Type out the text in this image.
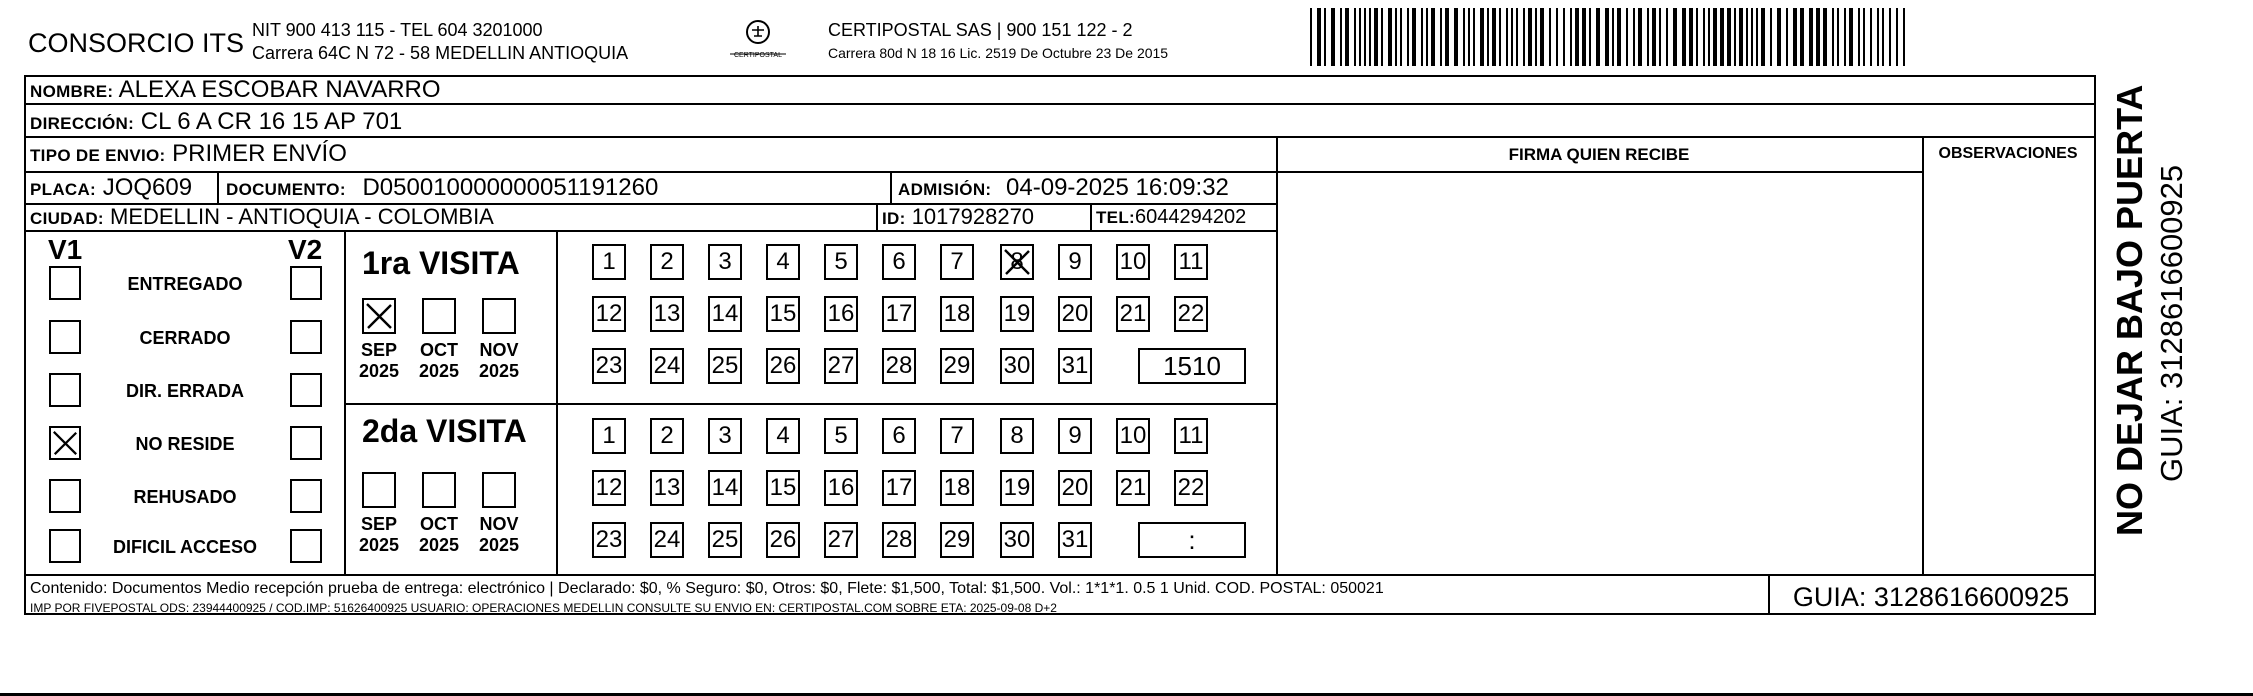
CONSORCIO ITS NIT 900 413 115 - TEL 604 3201000
Carrera 64C N 72 - 58 MEDELLIN ANTIOQUIA	CERTIPOSTAL
CERTIPOSTAL SAS | 900 151 122 - 2
Carrera 80d N 18 16 Lic. 2519 De Octubre 23 De 2015
NOMBRE: ALEXA ESCOBAR NAVARRO
DIRECCIÓN: CL 6 A CR 16 15 AP 701
TIPO DE ENVIO: PRIMER ENVÍO
PLACA: JOQ609 DOCUMENTO: D050010000000051191260	ADMISIÓN: 04-09-2025 16:09:32
CIUDAD: MEDELLIN - ANTIOQUIA - COLOMBIA	ID: 1017928270	TEL:6044294202
FIRMA QUIEN RECIBE	OBSERVACIONES
V1	V2
ENTREGADO
CERRADO
DIR. ERRADA
NO RESIDE
REHUSADO
DIFICIL ACCESO
1ra VISITA
2da VISITA
SEP
2025
OCT
2025
NOV
2025
1	2	3	4	5	6	7	8	9	10 11
12 13 14 15 16 17 18 19 20 21 22
23 24 25 26 27 28 29 30 31	1510
SEP
2025
OCT
2025
NOV
2025
1	2	3	4	5	6	7	8	9	10 11
12 13 14 15 16 17 18 19 20 21 22
23 24 25 26 27 28 29 30 31	:
Contenido: Documentos Medio recepción prueba de entrega: electrónico | Declarado: $0, % Seguro: $0, Otros: $0, Flete: $1,500, Total: $1,500. Vol.: 1*1*1. 0.5 1 Unid. COD. POSTAL: 050021
IMP POR FIVEPOSTAL ODS: 23944400925 / COD.IMP: 51626400925 USUARIO: OPERACIONES MEDELLIN CONSULTE SU ENVIO EN: CERTIPOSTAL.COM SOBRE ETA: 2025-09-08 D+2	GUIA: 3128616600925
NO DEJAR BAJO PUERTA GUIA: 3128616600925
